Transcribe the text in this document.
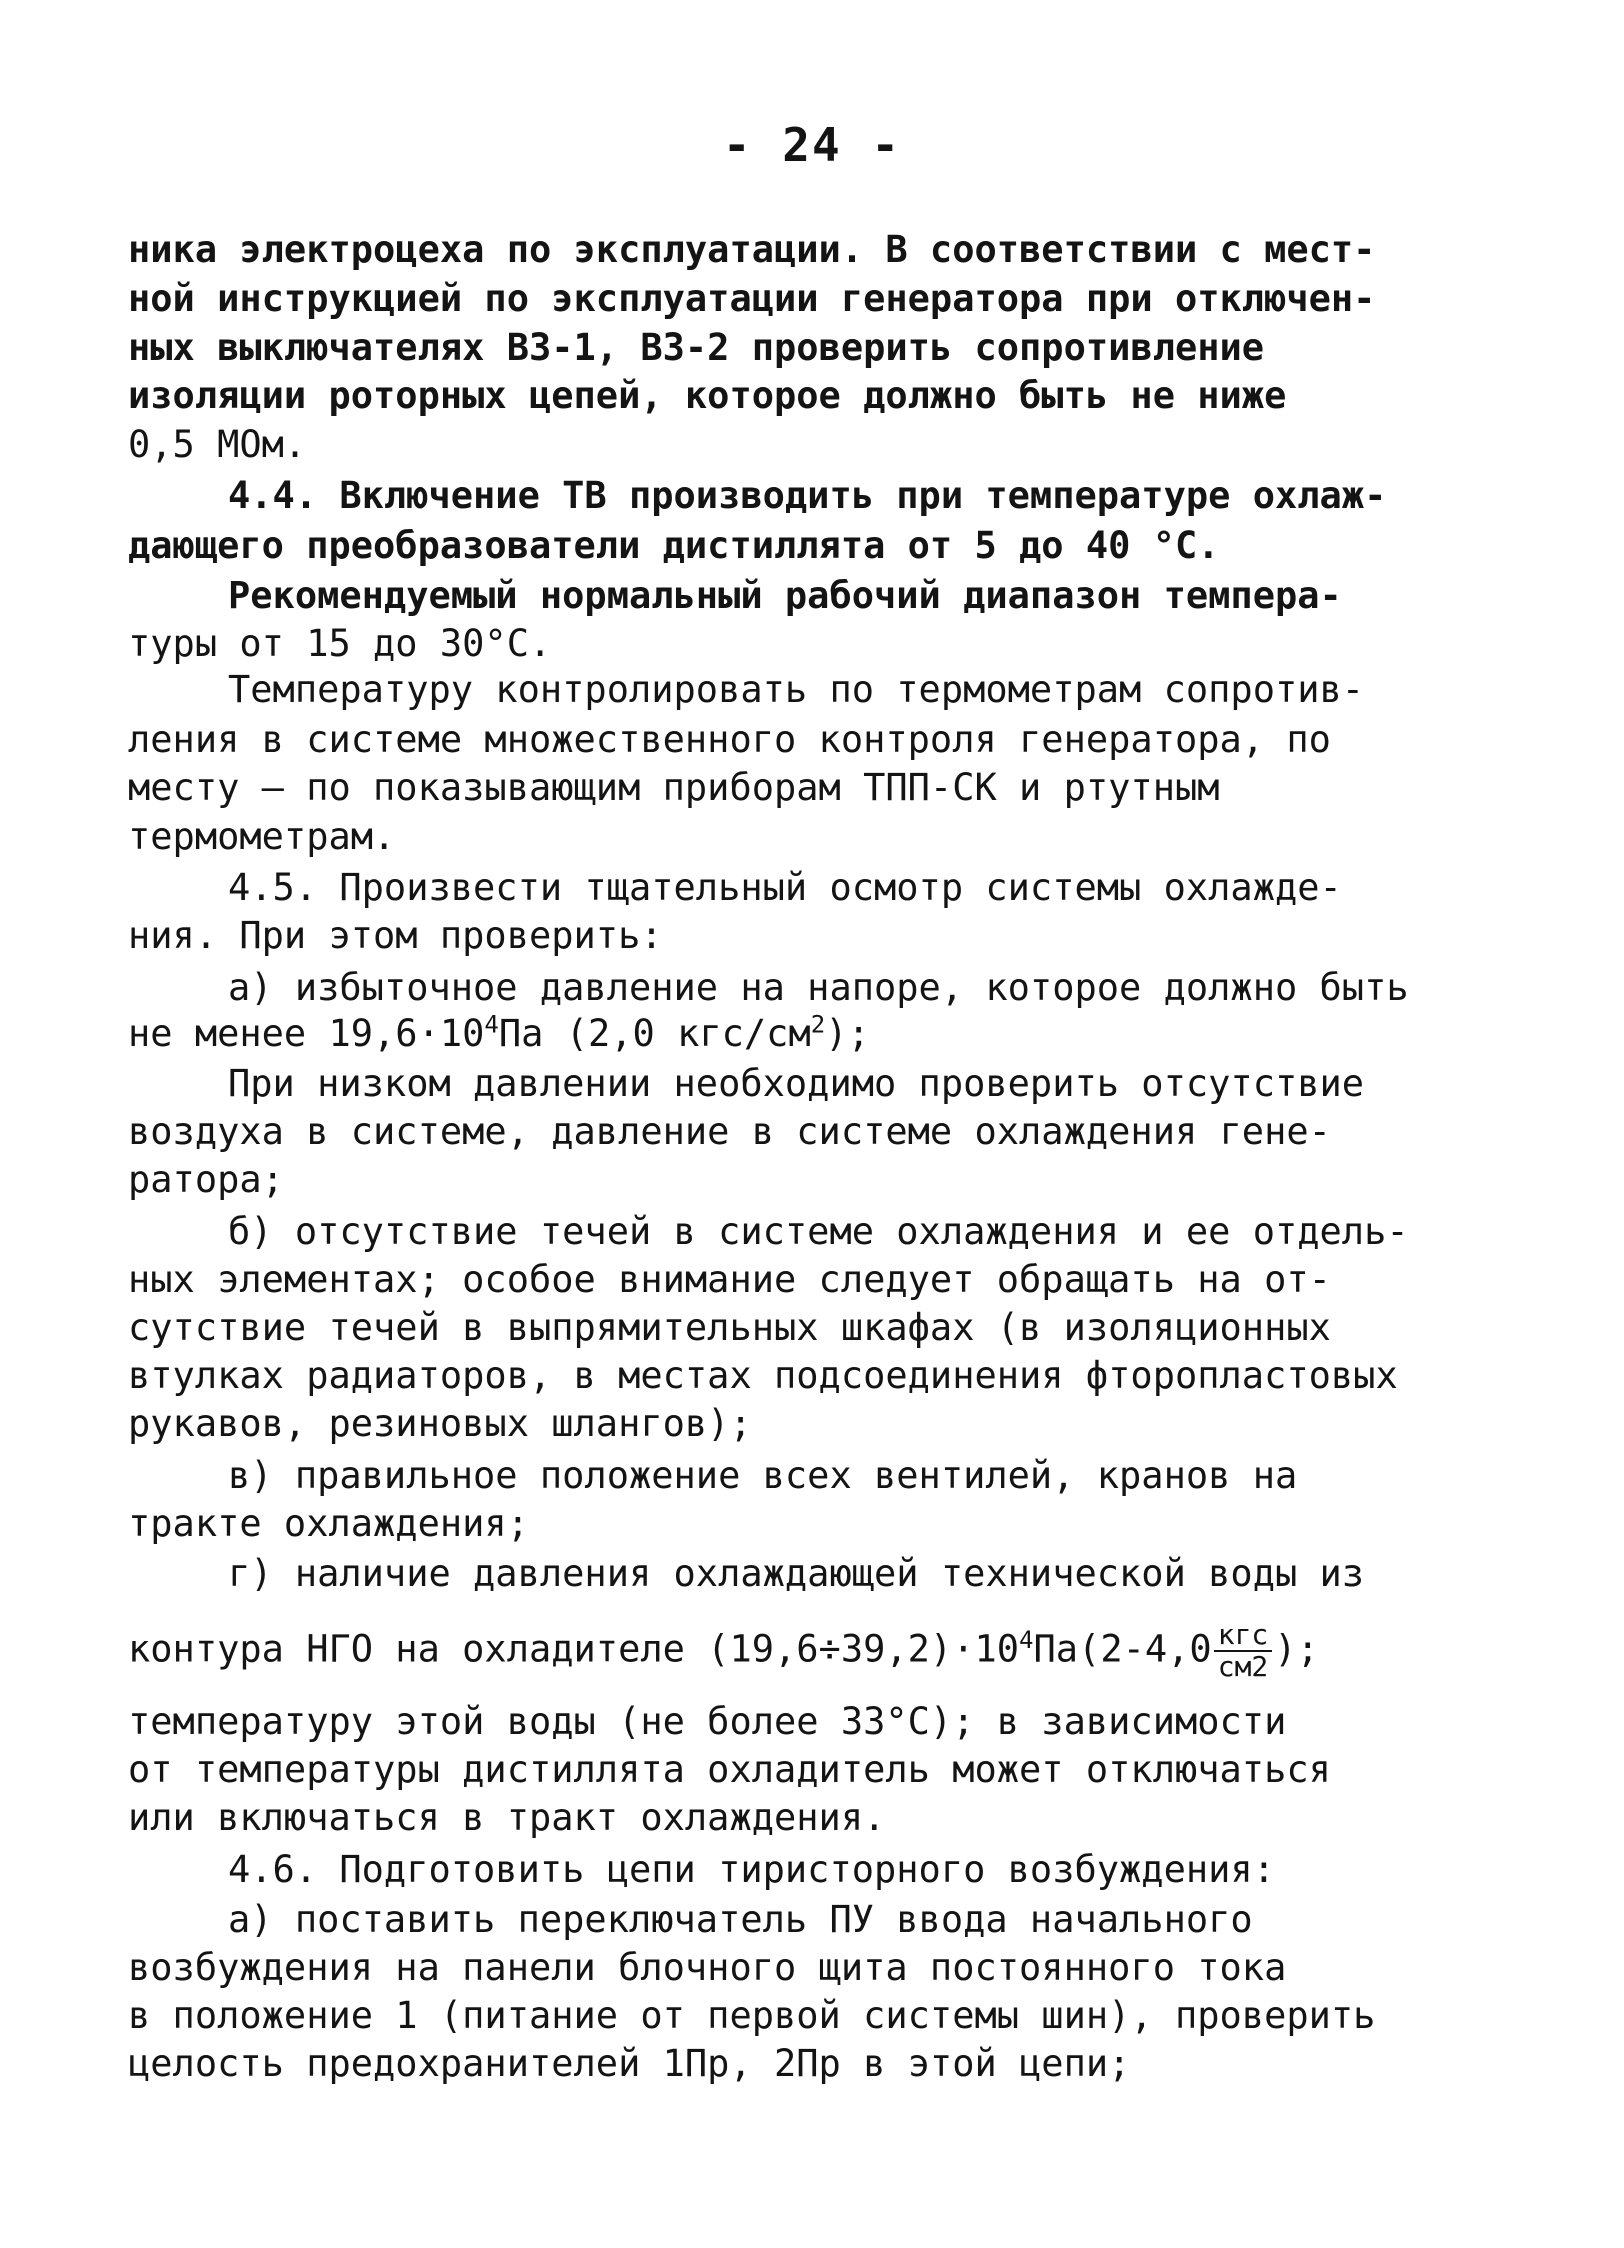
- 24 -
ника электроцеха по эксплуатации. В соответствии с мест-
ной инструкцией по эксплуатации генератора при отключен-
ных выключателях ВЗ-1, ВЗ-2 проверить сопротивление
изоляции роторных цепей, которое должно быть не ниже
0,5 МОм.
4.4. Включение ТВ производить при температуре охлаж-
дающего преобразователи дистиллята от 5 до 40 °С.
Рекомендуемый нормальный рабочий диапазон темпера-
туры от 15 до 30°С.
Температуру контролировать по термометрам сопротив-
ления в системе множественного контроля генератора, по
месту — по показывающим приборам ТПП-СК и ртутным
термометрам.
4.5. Произвести тщательный осмотр системы охлажде-
ния. При этом проверить:
а) избыточное давление на напоре, которое должно быть
не менее $19,6\cdot 10^4Па$ (2,0 кгс/$см^2$);
При низком давлении необходимо проверить отсутствие
воздуха в системе, давление в системе охлаждения гене-
ратора;
б) отсутствие течей в системе охлаждения и ее отдель-
ных элементах; особое внимание следует обращать на от-
сутствие течей в выпрямительных шкафах (в изоляционных
втулках радиаторов, в местах подсоединения фторопластовых
рукавов, резиновых шлангов);
в) правильное положение всех вентилей, кранов на
тракте охлаждения;
г) наличие давления охлаждающей технической воды из
контура НГО на охладителе $(19,6\div 39,2)\cdot 10^4Па(2-4,0 \frac{\text{кгс}}{см2}$ );
температуру этой воды (не более 33°С); в зависимости
от температуры дистиллята охладитель может отключаться
или включаться в тракт охлаждения.
4.6. Подготовить цепи тиристорного возбуждения:
а) поставить переключатель ПУ ввода начального
возбуждения на панели блочного щита постоянного тока
в положение 1 (питание от первой системы шин), проверить
целость предохранителей 1Пр, 2Пр в этой цепи;
